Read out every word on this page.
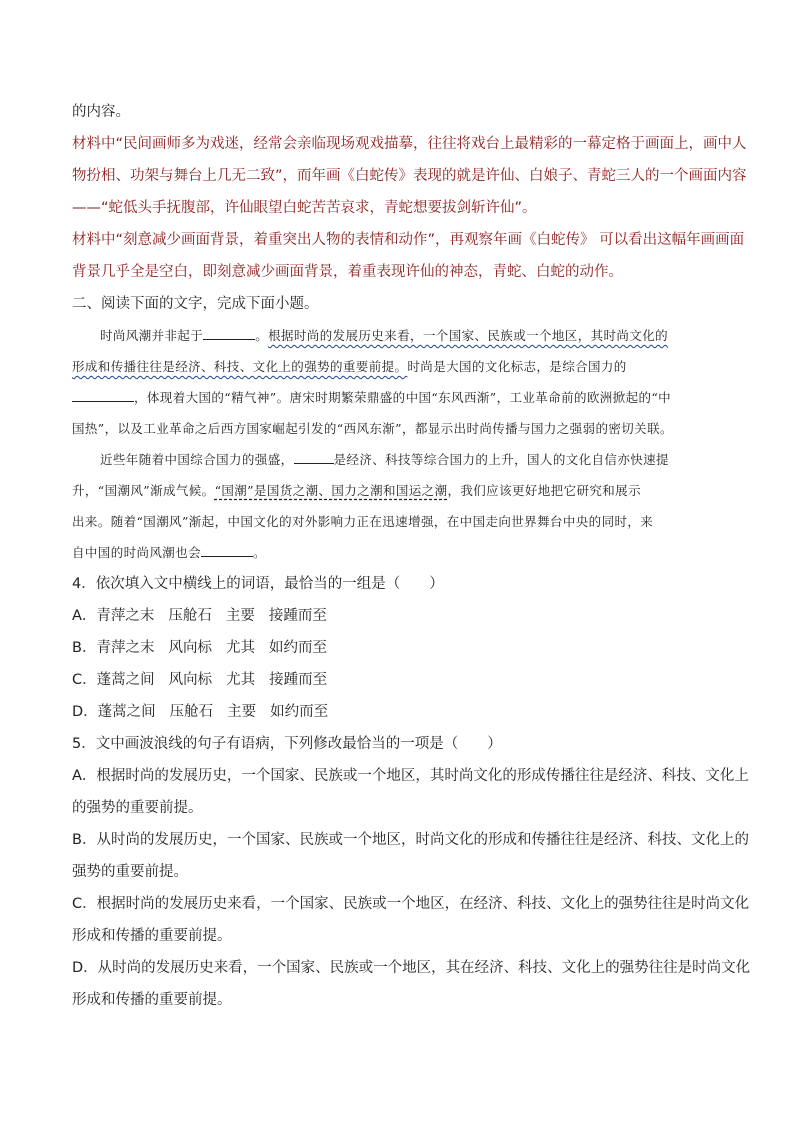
的内容。
材料中“民间画师多为戏迷，经常会亲临现场观戏描摹，往往将戏台上最精彩的一幕定格于画面上，画中人
物扮相、功架与舞台上几无二致”，而年画《白蛇传》表现的就是许仙、白娘子、青蛇三人的一个画面内容
——“蛇低头手抚腹部，许仙眼望白蛇苦苦哀求，青蛇想要拔剑斩许仙”。
材料中“刻意减少画面背景，着重突出人物的表情和动作”，再观察年画《白蛇传》 可以看出这幅年画画面
背景几乎全是空白，即刻意减少画面背景，着重表现许仙的神态，青蛇、白蛇的动作。
二、阅读下面的文字，完成下面小题。
时尚风潮并非起于	。根据时尚的发展历史来看，一个国家、民族或一个地区，其时尚文化的
形成和传播往往是经济、科技、文化上的强势的重要前提。时尚是大国的文化标志，是综合国力的
，体现着大国的“精气神”。唐宋时期繁荣鼎盛的中国“东风西渐”，工业革命前的欧洲掀起的“中
国热”，以及工业革命之后西方国家崛起引发的“西风东渐”，都显示出时尚传播与国力之强弱的密切关联。
近些年随着中国综合国力的强盛，	是经济、科技等综合国力的上升，国人的文化自信亦快速提
升，“国潮风”渐成气候。“国潮”是国货之潮、国力之潮和国运之潮，我们应该更好地把它研究和展示
出来。随着“国潮风”渐起，中国文化的对外影响力正在迅速增强，在中国走向世界舞台中央的同时，来
自中国的时尚风潮也会	。
4．依次填入文中横线上的词语，最恰当的一组是（　　）
A．青萍之末 压舱石 主要 接踵而至
B．青萍之末 风向标 尤其 如约而至
C．蓬蒿之间 风向标 尤其 接踵而至
D．蓬蒿之间 压舱石 主要 如约而至
5．文中画波浪线的句子有语病，下列修改最恰当的一项是（　　）
A．根据时尚的发展历史，一个国家、民族或一个地区，其时尚文化的形成传播往往是经济、科技、文化上
的强势的重要前提。
B．从时尚的发展历史，一个国家、民族或一个地区，时尚文化的形成和传播往往是经济、科技、文化上的
强势的重要前提。
C．根据时尚的发展历史来看，一个国家、民族或一个地区，在经济、科技、文化上的强势往往是时尚文化
形成和传播的重要前提。
D．从时尚的发展历史来看，一个国家、民族或一个地区，其在经济、科技、文化上的强势往往是时尚文化
形成和传播的重要前提。
